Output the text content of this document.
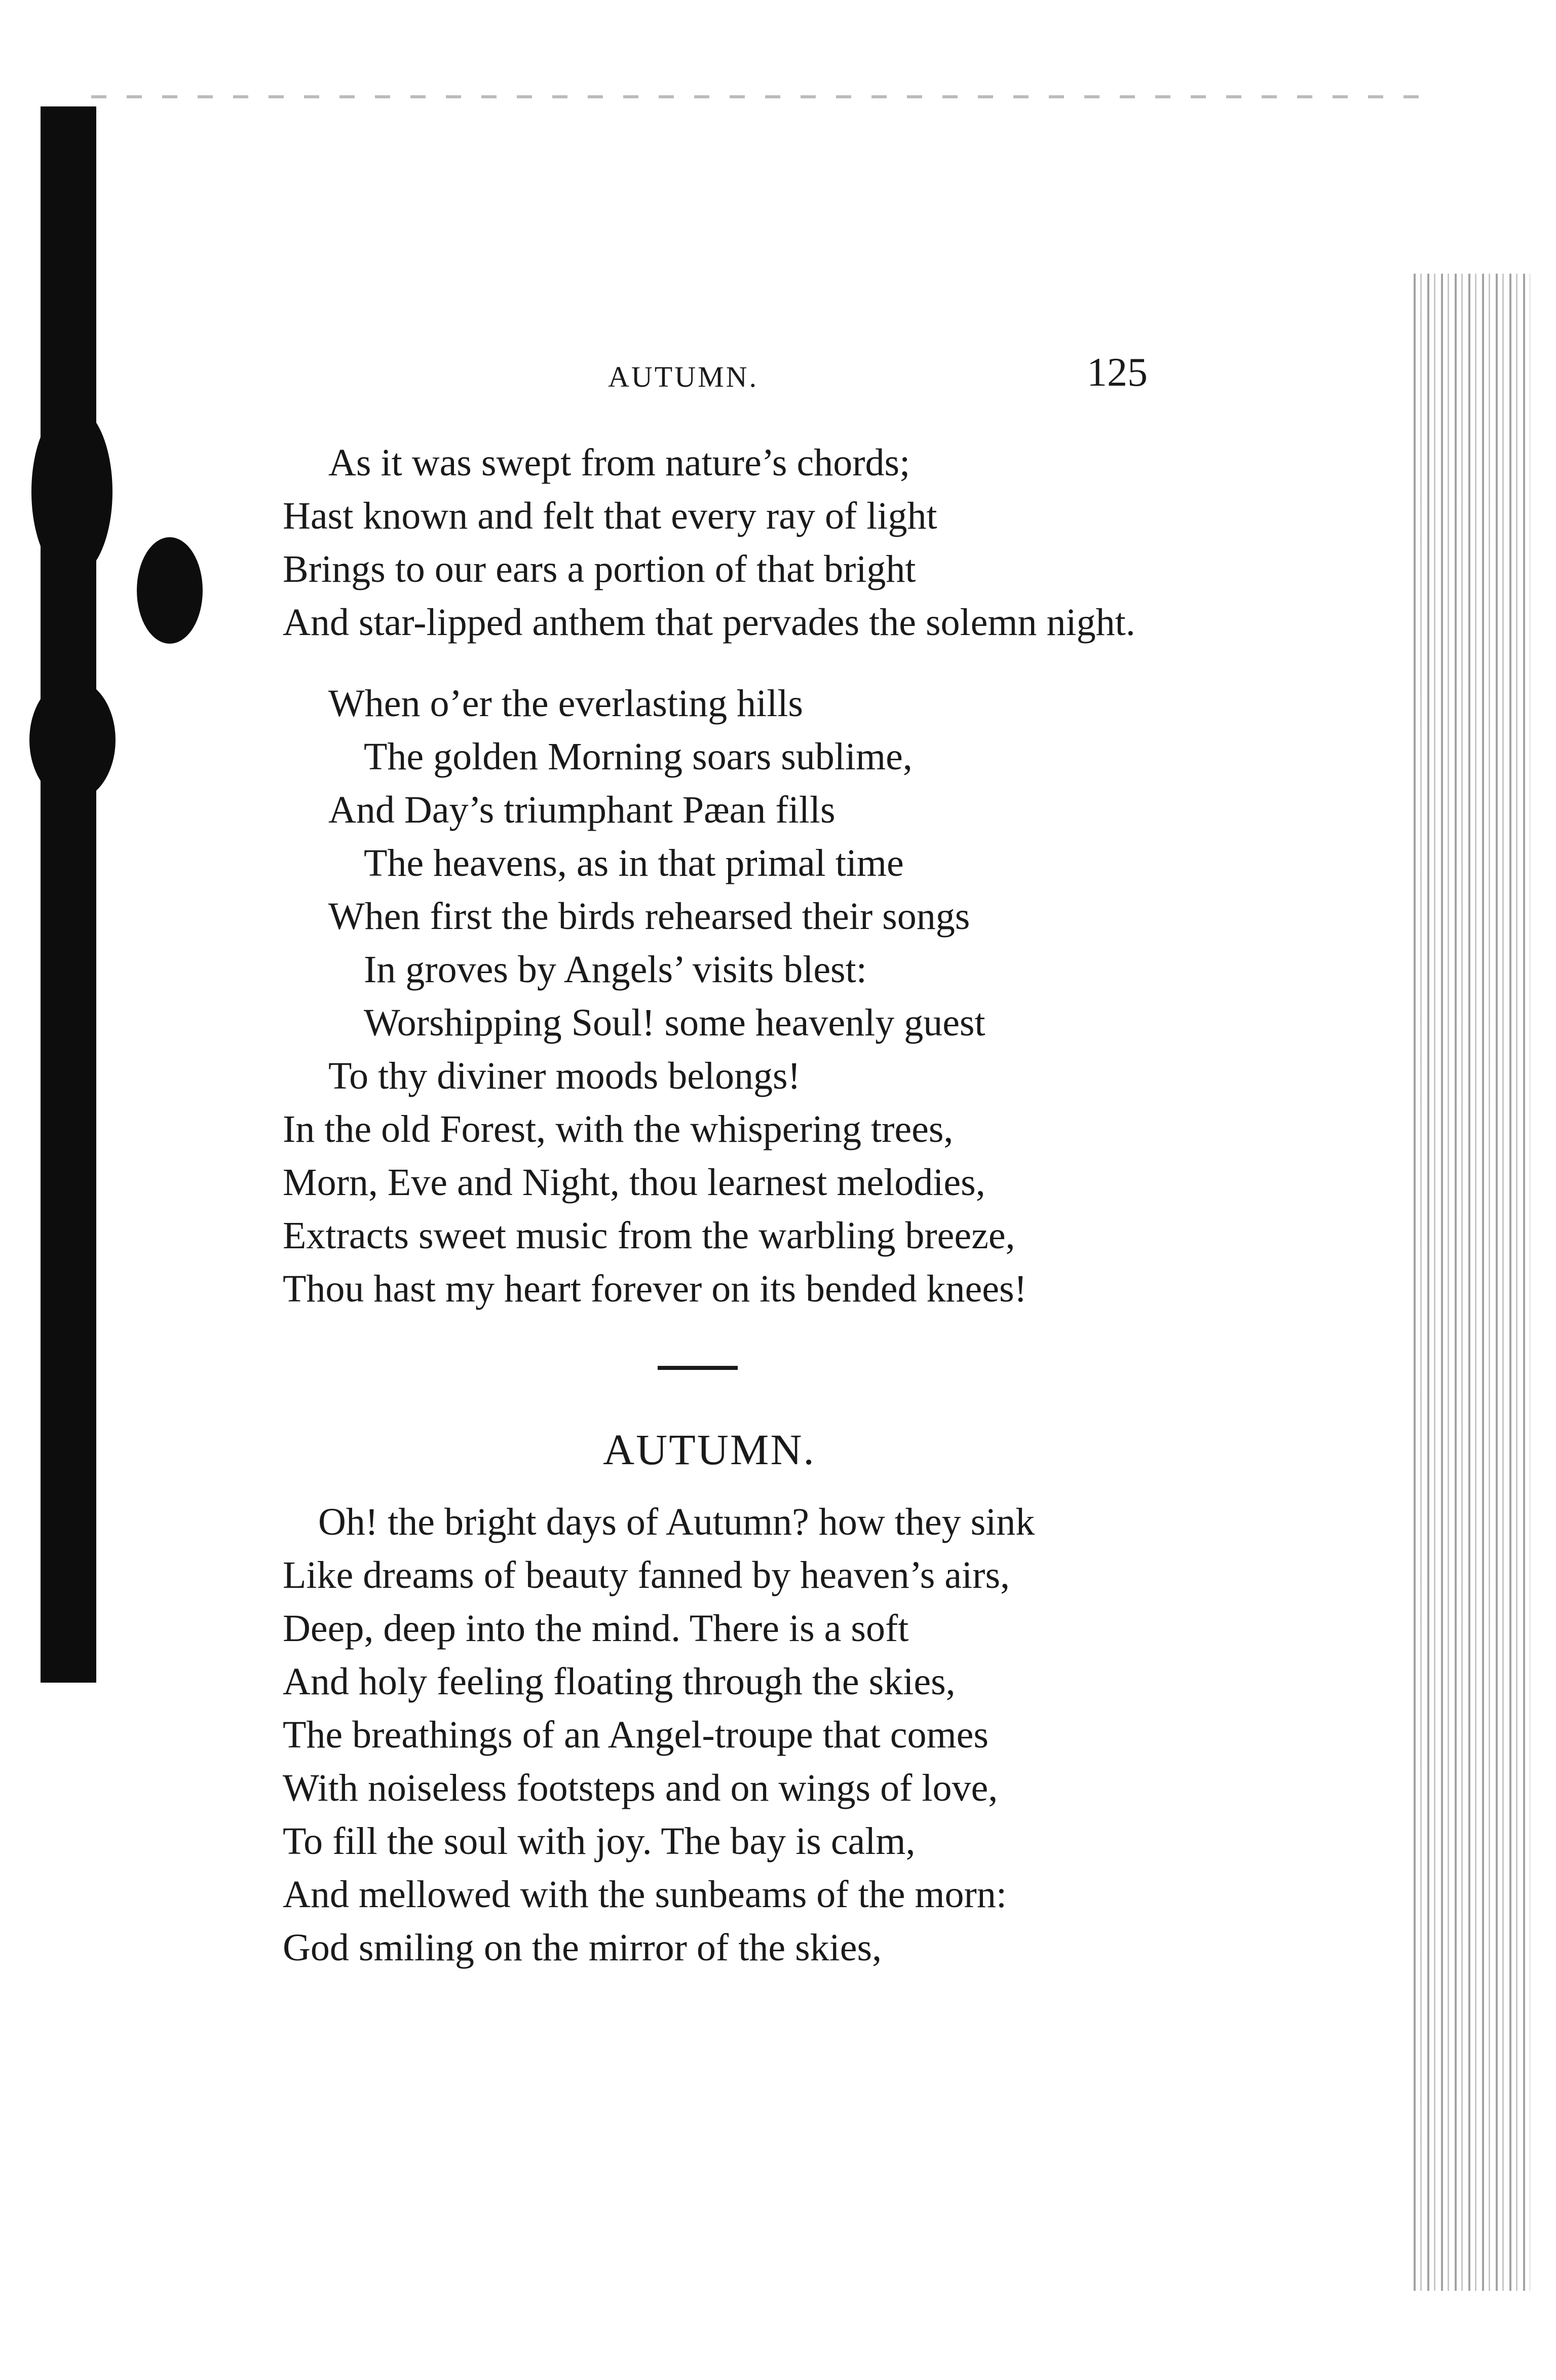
AUTUMN.	125
As it was swept from nature’s chords;
Hast known and felt that every ray of light
Brings to our ears a portion of that bright
And star-lipped anthem that pervades the solemn night.
When o’er the everlasting hills
The golden Morning soars sublime,
And Day’s triumphant Pæan fills
The heavens, as in that primal time
When first the birds rehearsed their songs
In groves by Angels’ visits blest:
Worshipping Soul! some heavenly guest
To thy diviner moods belongs!
In the old Forest, with the whispering trees,
Morn, Eve and Night, thou learnest melodies,
Extracts sweet music from the warbling breeze,
Thou hast my heart forever on its bended knees!
AUTUMN.
Oh! the bright days of Autumn? how they sink
Like dreams of beauty fanned by heaven’s airs,
Deep, deep into the mind. There is a soft
And holy feeling floating through the skies,
The breathings of an Angel-troupe that comes
With noiseless footsteps and on wings of love,
To fill the soul with joy. The bay is calm,
And mellowed with the sunbeams of the morn:
God smiling on the mirror of the skies,
